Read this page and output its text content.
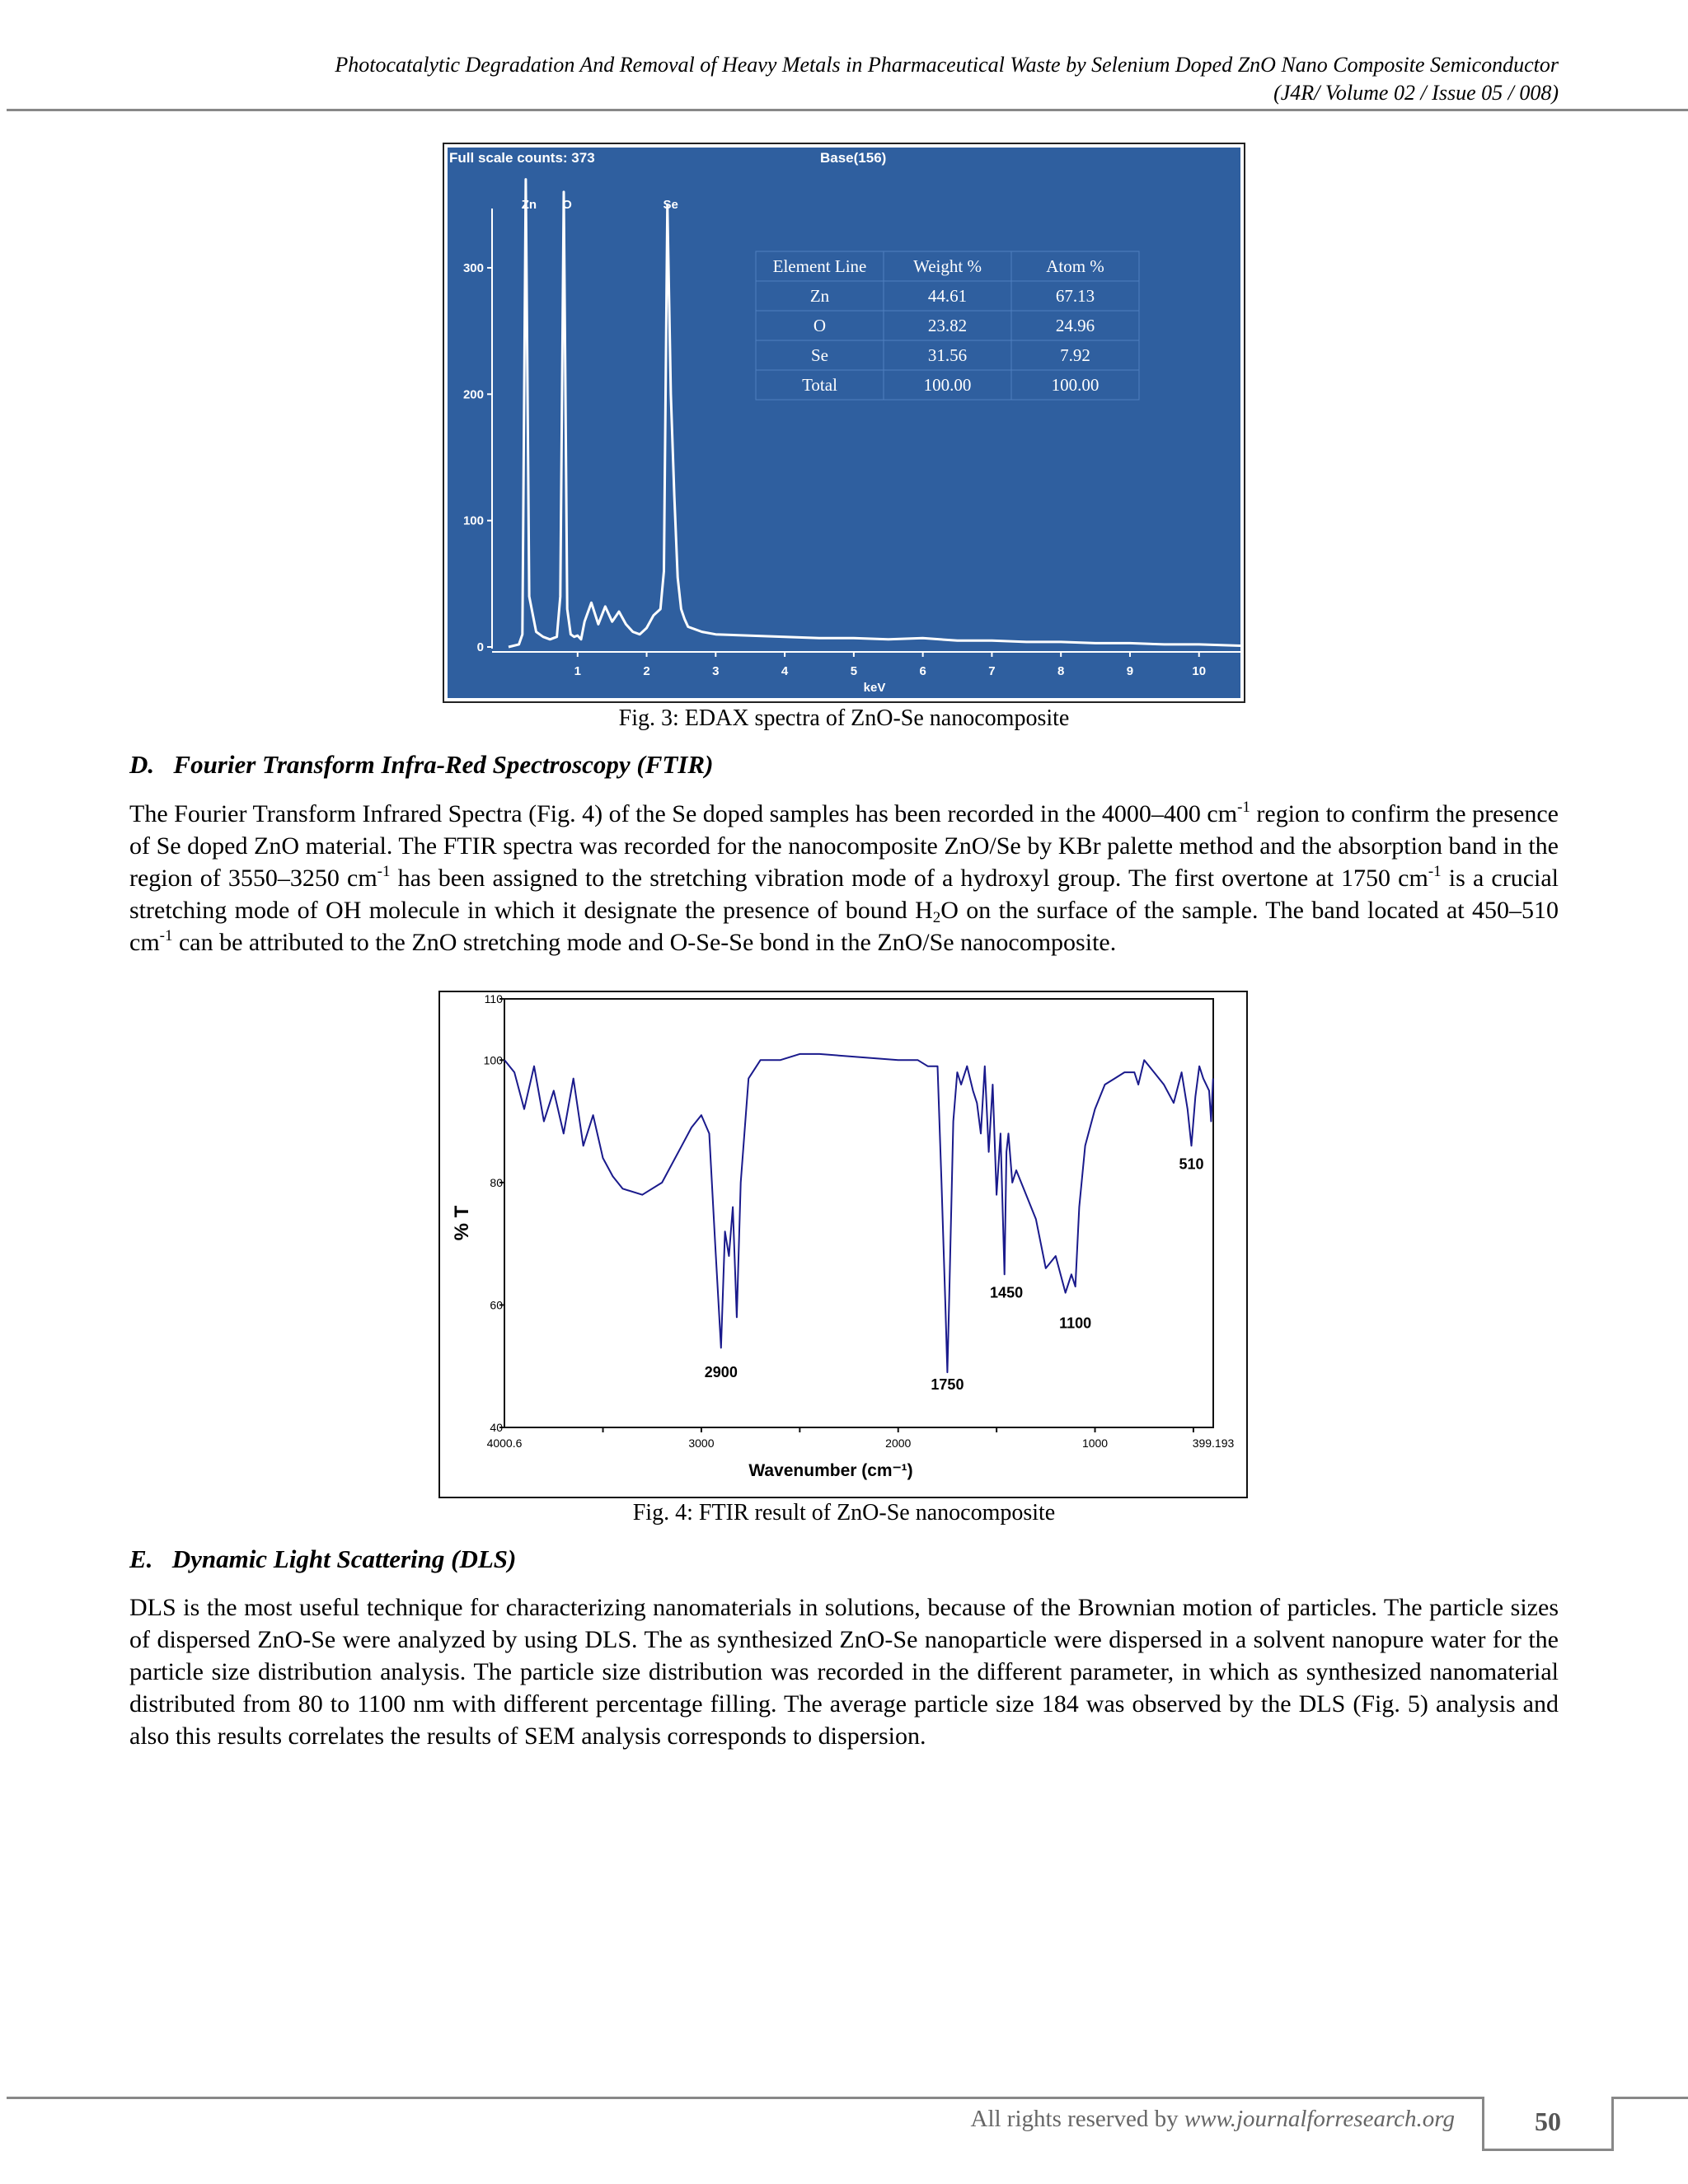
Photocatalytic Degradation And Removal of Heavy Metals in Pharmaceutical Waste by Selenium Doped ZnO Nano Composite Semiconductor
(J4R/ Volume 02 / Issue 05 / 008)
Full scale counts: 373	Base(156)
0
100
200
300
1	2	3	4	5	6	7	8	9	10
Zn O	Se
keV
Element Line	Weight %	Atom %
Zn	44.61	67.13
O	23.82	24.96
Se	31.56	7.92
Total	100.00	100.00
Fig. 3: EDAX spectra of ZnO-Se nanocomposite
D. Fourier Transform Infra-Red Spectroscopy (FTIR)

The Fourier Transform Infrared Spectra (Fig. 4) of the Se doped samples has been recorded in the 4000–400 $cm^{-1}$ region to confirm the presence of Se doped ZnO material. The FTIR spectra was recorded for the nanocomposite ZnO/Se by KBr palette method and the absorption band in the region of 3550–3250 $cm^{-1}$ has been assigned to the stretching vibration mode of a hydroxyl group. The first overtone at 1750 $cm^{-1}$ is a crucial stretching mode of OH molecule in which it designate the presence of bound $H_2O$ on the surface of the sample. The band located at 450–510 $cm^{-1}$ can be attributed to the ZnO stretching mode and O-Se-Se bond in the ZnO/Se nanocomposite.

40
60
80
100
110
4000.6	3000	2000	1000	399.193
2900
1750
1450
1100
510
% T
Wavenumber (cm⁻¹)
Fig. 4: FTIR result of ZnO-Se nanocomposite
E. Dynamic Light Scattering (DLS)

DLS is the most useful technique for characterizing nanomaterials in solutions, because of the Brownian motion of particles. The particle sizes of dispersed ZnO-Se were analyzed by using DLS. The as synthesized ZnO-Se nanoparticle were dispersed in a solvent nanopure water for the particle size distribution analysis. The particle size distribution was recorded in the different parameter, in which as synthesized nanomaterial distributed from 80 to 1100 nm with different percentage filling. The average particle size 184 was observed by the DLS (Fig. 5) analysis and also this results correlates the results of SEM analysis corresponds to dispersion.

All rights reserved by www.journalforresearch.org	50
